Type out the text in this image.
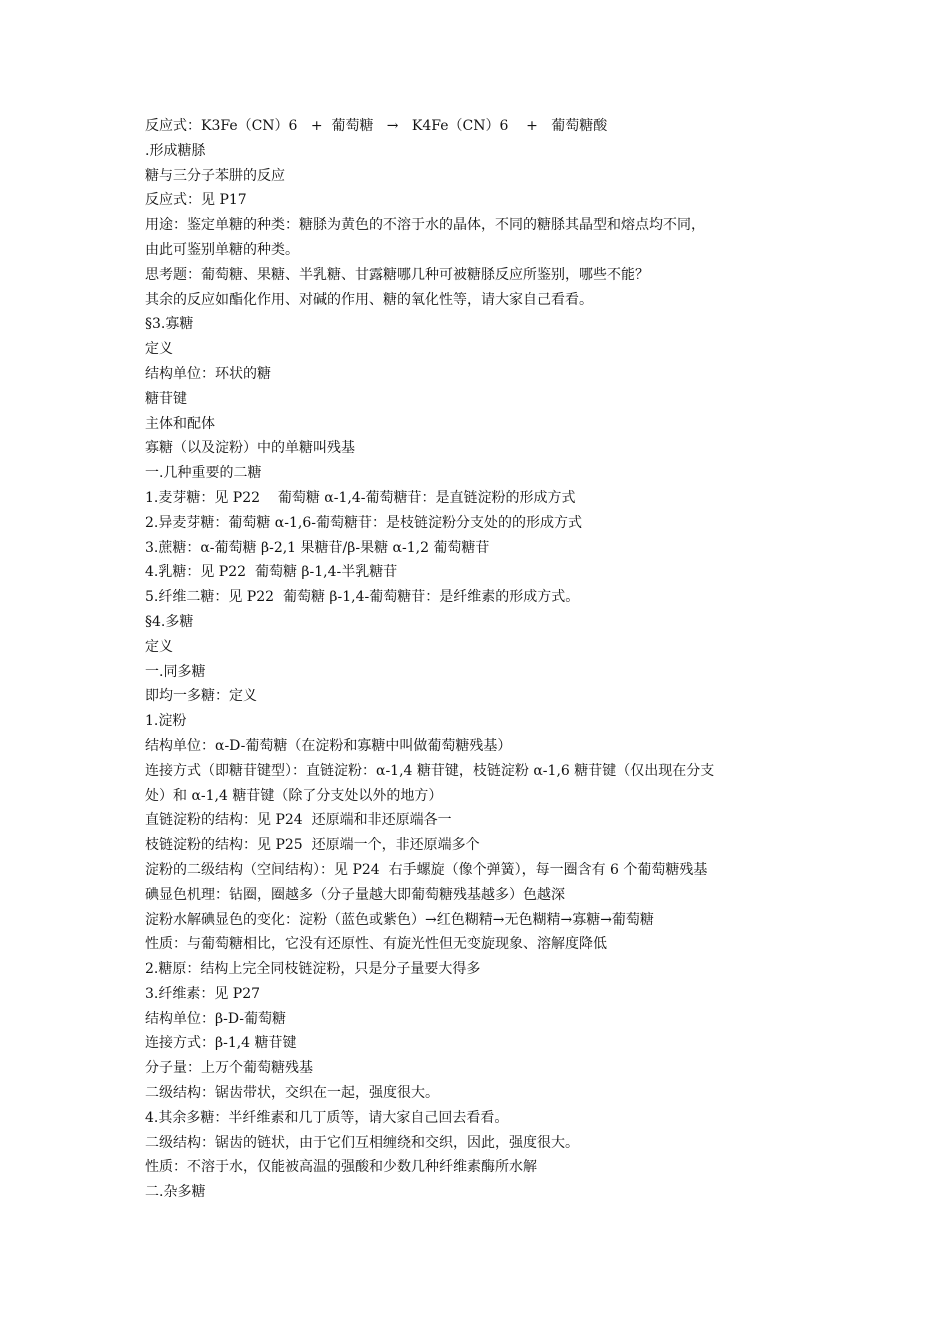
反应式：K3Fe（CN）6   +  葡萄糖   →   K4Fe（CN）6    +   葡萄糖酸

.形成糖脎

糖与三分子苯肼的反应

反应式：见 P17

用途：鉴定单糖的种类：糖脎为黄色的不溶于水的晶体，不同的糖脎其晶型和熔点均不同，

由此可鉴别单糖的种类。

思考题：葡萄糖、果糖、半乳糖、甘露糖哪几种可被糖脎反应所鉴别，哪些不能？

其余的反应如酯化作用、对碱的作用、糖的氧化性等，请大家自己看看。

§3.寡糖

定义

结构单位：环状的糖

糖苷键

主体和配体

寡糖（以及淀粉）中的单糖叫残基

一.几种重要的二糖

1.麦芽糖：见 P22    葡萄糖 α-1,4-葡萄糖苷：是直链淀粉的形成方式

2.异麦芽糖：葡萄糖 α-1,6-葡萄糖苷：是枝链淀粉分支处的的形成方式

3.蔗糖：α-葡萄糖 β-2,1 果糖苷/β-果糖 α-1,2 葡萄糖苷

4.乳糖：见 P22  葡萄糖 β-1,4-半乳糖苷

5.纤维二糖：见 P22  葡萄糖 β-1,4-葡萄糖苷：是纤维素的形成方式。

§4.多糖

定义

一.同多糖

即均一多糖：定义

1.淀粉

结构单位：α-D-葡萄糖（在淀粉和寡糖中叫做葡萄糖残基）

连接方式（即糖苷键型）：直链淀粉：α-1,4 糖苷键，枝链淀粉 α-1,6 糖苷键（仅出现在分支

处）和 α-1,4 糖苷键（除了分支处以外的地方）

直链淀粉的结构：见 P24  还原端和非还原端各一

枝链淀粉的结构：见 P25  还原端一个，非还原端多个

淀粉的二级结构（空间结构）：见 P24  右手螺旋（像个弹簧），每一圈含有 6 个葡萄糖残基

碘显色机理：钻圈，圈越多（分子量越大即葡萄糖残基越多）色越深

淀粉水解碘显色的变化：淀粉（蓝色或紫色）→红色糊精→无色糊精→寡糖→葡萄糖

性质：与葡萄糖相比，它没有还原性、有旋光性但无变旋现象、溶解度降低

2.糖原：结构上完全同枝链淀粉，只是分子量要大得多

3.纤维素：见 P27

结构单位：β-D-葡萄糖

连接方式：β-1,4 糖苷键

分子量：上万个葡萄糖残基

二级结构：锯齿带状，交织在一起，强度很大。

4.其余多糖：半纤维素和几丁质等，请大家自己回去看看。

二级结构：锯齿的链状，由于它们互相缠绕和交织，因此，强度很大。

性质：不溶于水，仅能被高温的强酸和少数几种纤维素酶所水解

二.杂多糖
